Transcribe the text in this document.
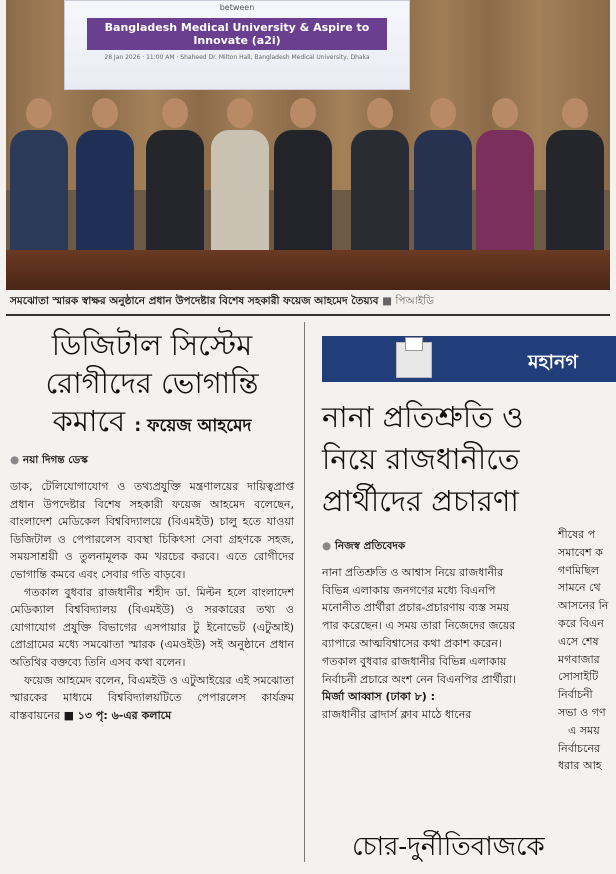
between
Bangladesh Medical University & Aspire to Innovate (a2i)
28 Jan 2026 · 11:00 AM · Shaheed Dr. Milton Hall, Bangladesh Medical University, Dhaka
সমঝোতা স্মারক স্বাক্ষর অনুষ্ঠানে প্রধান উপদেষ্টার বিশেষ সহকারী ফয়েজ আহমেদ তৈয়্যব ■ পিআইডি
ডিজিটাল সিস্টেম
রোগীদের ভোগান্তি
কমাবে : ফয়েজ আহমেদ
● নয়া দিগন্ত ডেস্ক

ডাক, টেলিযোগাযোগ ও তথ্যপ্রযুক্তি মন্ত্রণালয়ের দায়িত্বপ্রাপ্ত প্রধান উপদেষ্টার বিশেষ সহকারী ফয়েজ আহমেদ বলেছেন, বাংলাদেশ মেডিকেল বিশ্ববিদ্যালয়ে (বিএমইউ) চালু হতে যাওয়া ডিজিটাল ও পেপারলেস ব্যবস্থা চিকিৎসা সেবা গ্রহণকে সহজ, সময়সাশ্রয়ী ও তুলনামূলক কম খরচের করবে। এতে রোগীদের ভোগান্তি কমবে এবং সেবার গতি বাড়বে।

গতকাল বুধবার রাজধানীর শহীদ ডা. মিল্টন হলে বাংলাদেশ মেডিক্যাল বিশ্ববিদ্যালয় (বিএমইউ) ও সরকারের তথ্য ও যোগাযোগ প্রযুক্তি বিভাগের এসপায়ার টু ইনোভেট (এটুআই) প্রোগ্রামের মধ্যে সমঝোতা স্মারক (এমওইউ) সই অনুষ্ঠানে প্রধান অতিথির বক্তব্যে তিনি এসব কথা বলেন।

ফয়েজ আহমেদ বলেন, বিএমইউ ও এটুআইয়ের এই সমঝোতা স্মারকের মাধ্যমে বিশ্ববিদ্যালয়টিতে পেপারলেস কার্যক্রম বাস্তবায়নের ■ ১৩ পৃ: ৬-এর কলামে

মহানগ
নানা প্রতিশ্রুতি ও
নিয়ে রাজধানীতে
প্রার্থীদের প্রচারণা

● নিজস্ব প্রতিবেদক

নানা প্রতিশ্রুতি ও আশ্বাস নিয়ে রাজধানীর বিভিন্ন এলাকায় জনগণের মধ্যে বিএনপি মনোনীত প্রার্থীরা প্রচার-প্রচারণায় ব্যস্ত সময় পার করেছেন। এ সময় তারা নিজেদের জয়ের ব্যাপারে আত্মবিশ্বাসের কথা প্রকাশ করেন। গতকাল বুধবার রাজধানীর বিভিন্ন এলাকায় নির্বাচনী প্রচারে অংশ নেন বিএনপির প্রার্থীরা।

মির্জা আব্বাস (ঢাকা ৮) :

রাজধানীর ব্রাদার্স ক্লাব মাঠে ধানের

শীষের প
সমাবেশ ক
গণমিছিল
সামনে থে
আসনের নি
করে বিএন
এসে শেষ
মগবাজার
সোসাইটি
নির্বাচনী
সভা ও গণ
এ সময়
নির্বাচনের
ধরার আহ
চোর-দুর্নীতিবাজকে
